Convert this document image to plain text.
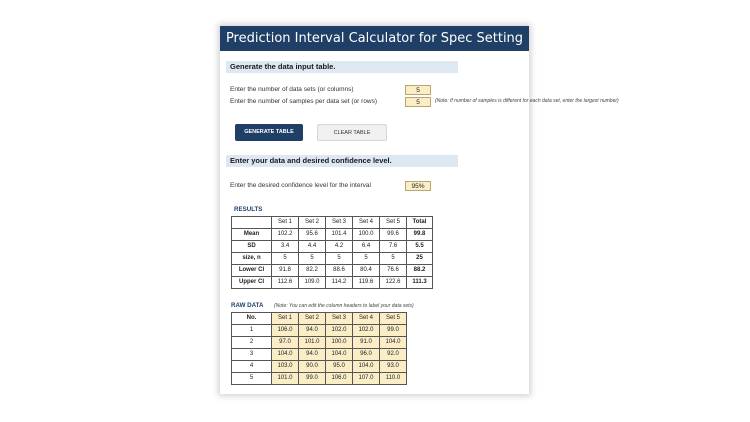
Prediction Interval Calculator for Spec Setting
Generate the data input table.
Enter the number of data sets (or columns)	5
Enter the number of samples per data set (or rows)	5	(Note: If number of samples is different for each data set, enter the largest number)
GENERATE TABLE	CLEAR TABLE
Enter your data and desired confidence level.
Enter the desired confidence level for the interval	95%
RESULTS
	Set 1	Set 2	Set 3	Set 4	Set 5	Total
Mean	102.2	95.6	101.4	100.0	99.6	99.8
SD	3.4	4.4	4.2	6.4	7.6	5.5
size, n	5	5	5	5	5	25
Lower CI	91.8	82.2	88.6	80.4	76.6	88.2
Upper CI	112.6	109.0	114.2	119.6	122.6	111.3
RAW DATA (Note: You can edit the column headers to label your data sets)
No.	Set 1	Set 2	Set 3	Set 4	Set 5
1	106.0	94.0	102.0	102.0	99.0
2	97.0	101.0	100.0	91.0	104.0
3	104.0	94.0	104.0	96.0	92.0
4	103.0	90.0	95.0	104.0	93.0
5	101.0	99.0	106.0	107.0	110.0
